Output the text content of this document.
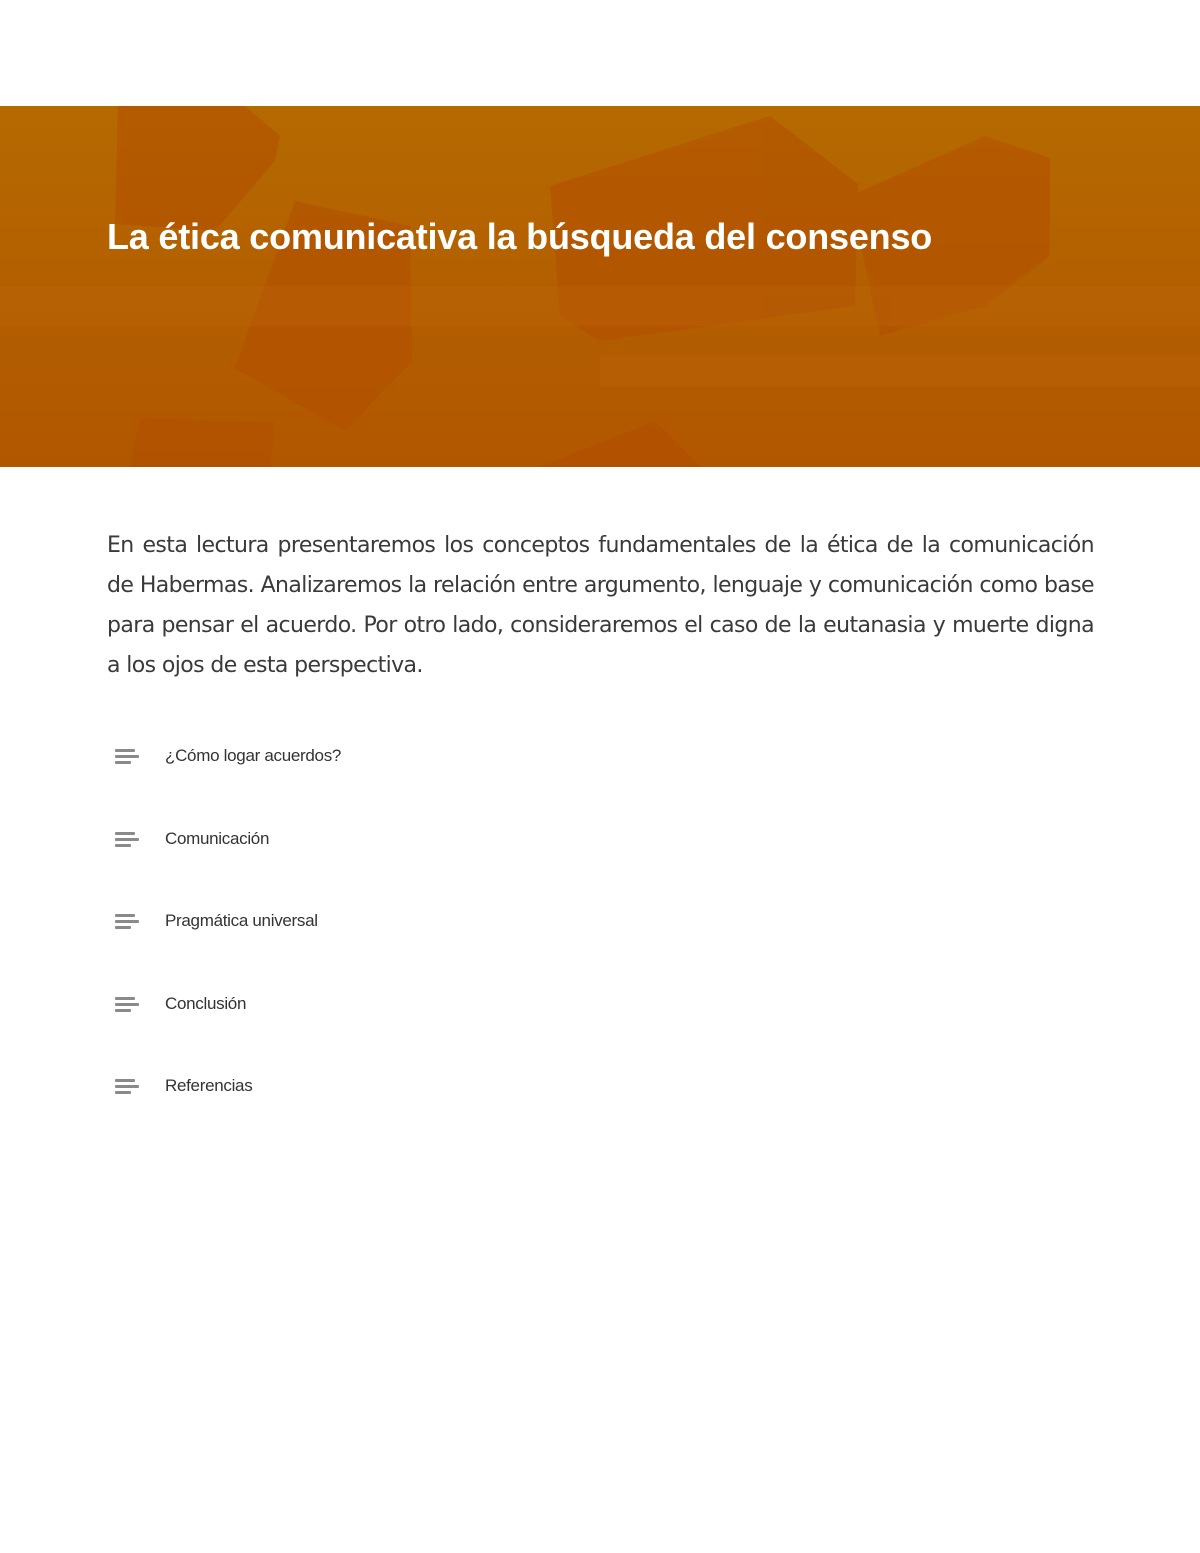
La ética comunicativa la búsqueda del consenso

En esta lectura presentaremos los conceptos fundamentales de la ética de la comunicación de Habermas. Analizaremos la relación entre argumento, lenguaje y comunicación como base para pensar el acuerdo. Por otro lado, consideraremos el caso de la eutanasia y muerte digna a los ojos de esta perspectiva.

¿Cómo logar acuerdos?
Comunicación
Pragmática universal
Conclusión
Referencias
